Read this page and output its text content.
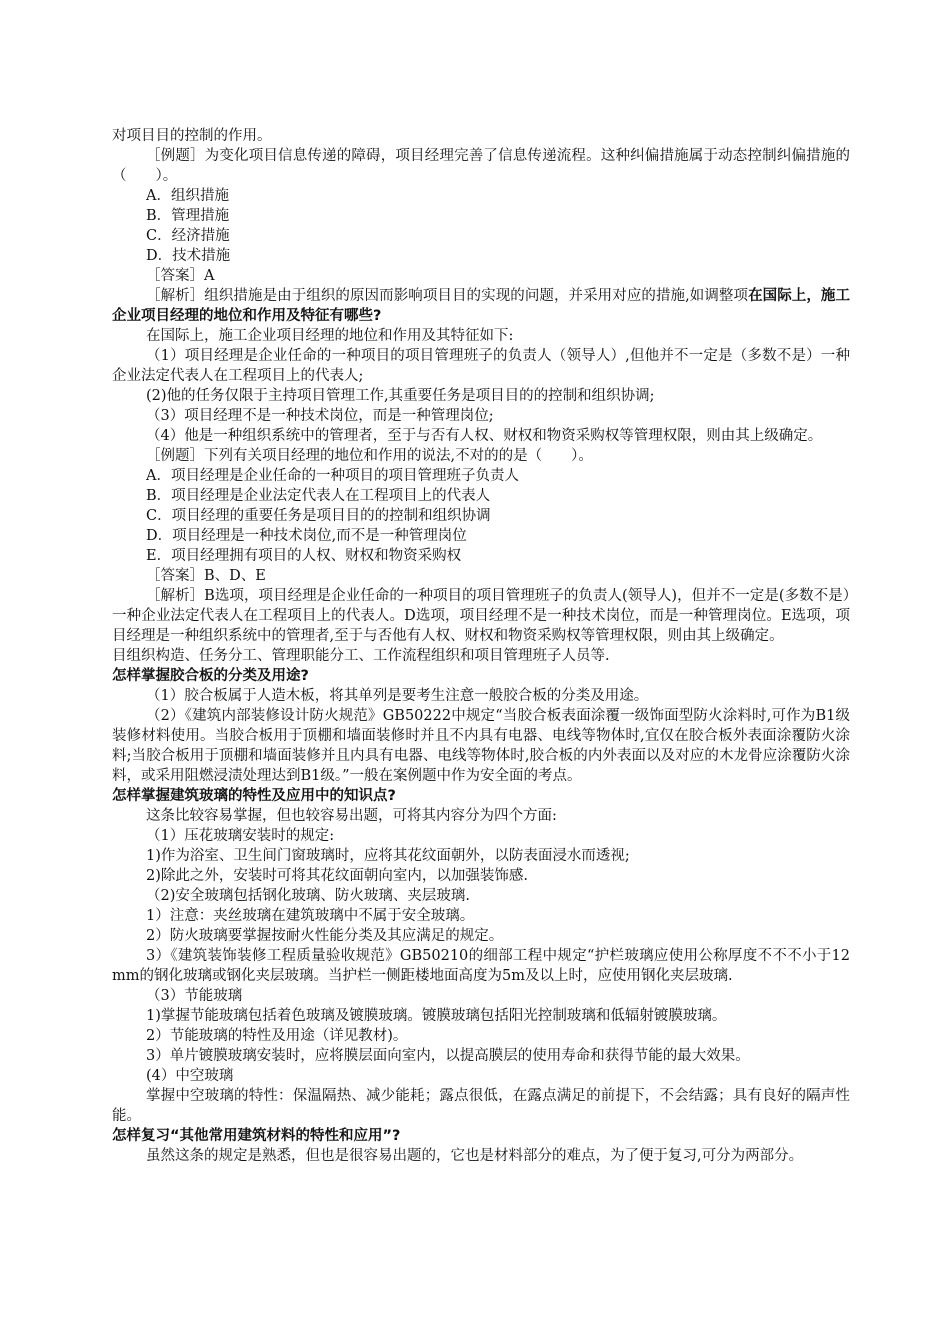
对项目目的控制的作用。

［例题］为变化项目信息传递的障碍，项目经理完善了信息传递流程。这种纠偏措施属于动态控制纠偏措施的（　　）。

A．组织措施

B．管理措施

C．经济措施

D．技术措施

［答案］A

［解析］组织措施是由于组织的原因而影响项目目的实现的问题，并采用对应的措施,如调整项在国际上，施工企业项目经理的地位和作用及特征有哪些?

在国际上，施工企业项目经理的地位和作用及其特征如下:

（1）项目经理是企业任命的一种项目的项目管理班子的负责人（领导人）,但他并不一定是（多数不是）一种企业法定代表人在工程项目上的代表人;

(2)他的任务仅限于主持项目管理工作,其重要任务是项目目的的控制和组织协调;

（3）项目经理不是一种技术岗位，而是一种管理岗位;

（4）他是一种组织系统中的管理者，至于与否有人权、财权和物资采购权等管理权限，则由其上级确定。

［例题］下列有关项目经理的地位和作用的说法,不对的的是（　　）。

A．项目经理是企业任命的一种项目的项目管理班子负责人

B．项目经理是企业法定代表人在工程项目上的代表人

C．项目经理的重要任务是项目目的的控制和组织协调

D．项目经理是一种技术岗位,而不是一种管理岗位

E．项目经理拥有项目的人权、财权和物资采购权

［答案］B、D、E

［解析］B选项，项目经理是企业任命的一种项目的项目管理班子的负责人(领导人)，但并不一定是(多数不是）一种企业法定代表人在工程项目上的代表人。D选项，项目经理不是一种技术岗位，而是一种管理岗位。E选项，项目经理是一种组织系统中的管理者,至于与否他有人权、财权和物资采购权等管理权限，则由其上级确定。

目组织构造、任务分工、管理职能分工、工作流程组织和项目管理班子人员等.

怎样掌握胶合板的分类及用途?

（1）胶合板属于人造木板，将其单列是要考生注意一般胶合板的分类及用途。

（2）《建筑内部装修设计防火规范》GB50222中规定“当胶合板表面涂覆一级饰面型防火涂料时,可作为B1级装修材料使用。当胶合板用于顶棚和墙面装修时并且不内具有电器、电线等物体时,宜仅在胶合板外表面涂覆防火涂料;当胶合板用于顶棚和墙面装修并且内具有电器、电线等物体时,胶合板的内外表面以及对应的木龙骨应涂覆防火涂料，或采用阻燃浸渍处理达到B1级。”一般在案例题中作为安全面的考点。

怎样掌握建筑玻璃的特性及应用中的知识点?

这条比较容易掌握，但也较容易出题，可将其内容分为四个方面:

（1）压花玻璃安装时的规定:

1)作为浴室、卫生间门窗玻璃时，应将其花纹面朝外，以防表面浸水而透视;

2)除此之外，安装时可将其花纹面朝向室内，以加强装饰感.

（2)安全玻璃包括钢化玻璃、防火玻璃、夹层玻璃.

1）注意：夹丝玻璃在建筑玻璃中不属于安全玻璃。

2）防火玻璃要掌握按耐火性能分类及其应满足的规定。

3）《建筑装饰装修工程质量验收规范》GB50210的细部工程中规定“护栏玻璃应使用公称厚度不不不小于12mm的钢化玻璃或钢化夹层玻璃。当护栏一侧距楼地面高度为5m及以上时，应使用钢化夹层玻璃.

（3）节能玻璃

1)掌握节能玻璃包括着色玻璃及镀膜玻璃。镀膜玻璃包括阳光控制玻璃和低辐射镀膜玻璃。

2）节能玻璃的特性及用途（详见教材)。

3）单片镀膜玻璃安装时，应将膜层面向室内，以提高膜层的使用寿命和获得节能的最大效果。

(4）中空玻璃

掌握中空玻璃的特性：保温隔热、减少能耗；露点很低，在露点满足的前提下，不会结露；具有良好的隔声性能。

怎样复习“其他常用建筑材料的特性和应用”?

虽然这条的规定是熟悉，但也是很容易出题的，它也是材料部分的难点，为了便于复习,可分为两部分。
